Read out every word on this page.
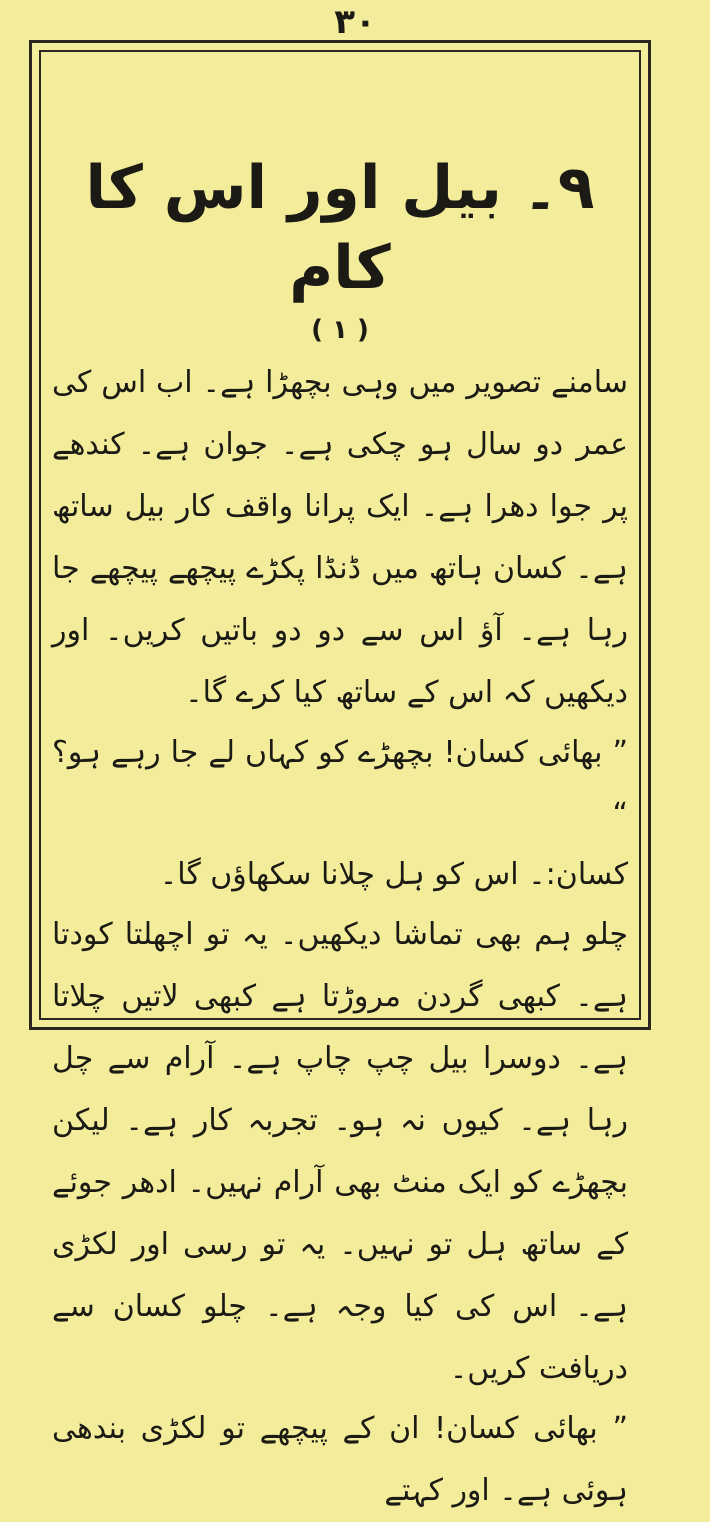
۳۰
۹۔ بیل اور اس کا کام
( ۱ )

سامنے تصویر میں وہی بچھڑا ہے۔ اب اس کی عمر دو سال ہو چکی ہے۔ جوان ہے۔ کندھے پر جوا دھرا ہے۔ ایک پرانا واقف کار بیل ساتھ ہے۔ کسان ہاتھ میں ڈنڈا پکڑے پیچھے پیچھے جا رہا ہے۔ آؤ اس سے دو دو باتیں کریں۔ اور دیکھیں کہ اس کے ساتھ کیا کرے گا۔

” بھائی کسان! بچھڑے کو کہاں لے جا رہے ہو؟ “

کسان:۔ اس کو ہل چلانا سکھاؤں گا۔

چلو ہم بھی تماشا دیکھیں۔ یہ تو اچھلتا کودتا ہے۔ کبھی گردن مروڑتا ہے کبھی لاتیں چلاتا ہے۔ دوسرا بیل چپ چاپ ہے۔ آرام سے چل رہا ہے۔ کیوں نہ ہو۔ تجربہ کار ہے۔ لیکن بچھڑے کو ایک منٹ بھی آرام نہیں۔ ادھر جوئے کے ساتھ ہل تو نہیں۔ یہ تو رسی اور لکڑی ہے۔ اس کی کیا وجہ ہے۔ چلو کسان سے دریافت کریں۔

” بھائی کسان! ان کے پیچھے تو لکڑی بندھی ہوئی ہے۔ اور کہتے
